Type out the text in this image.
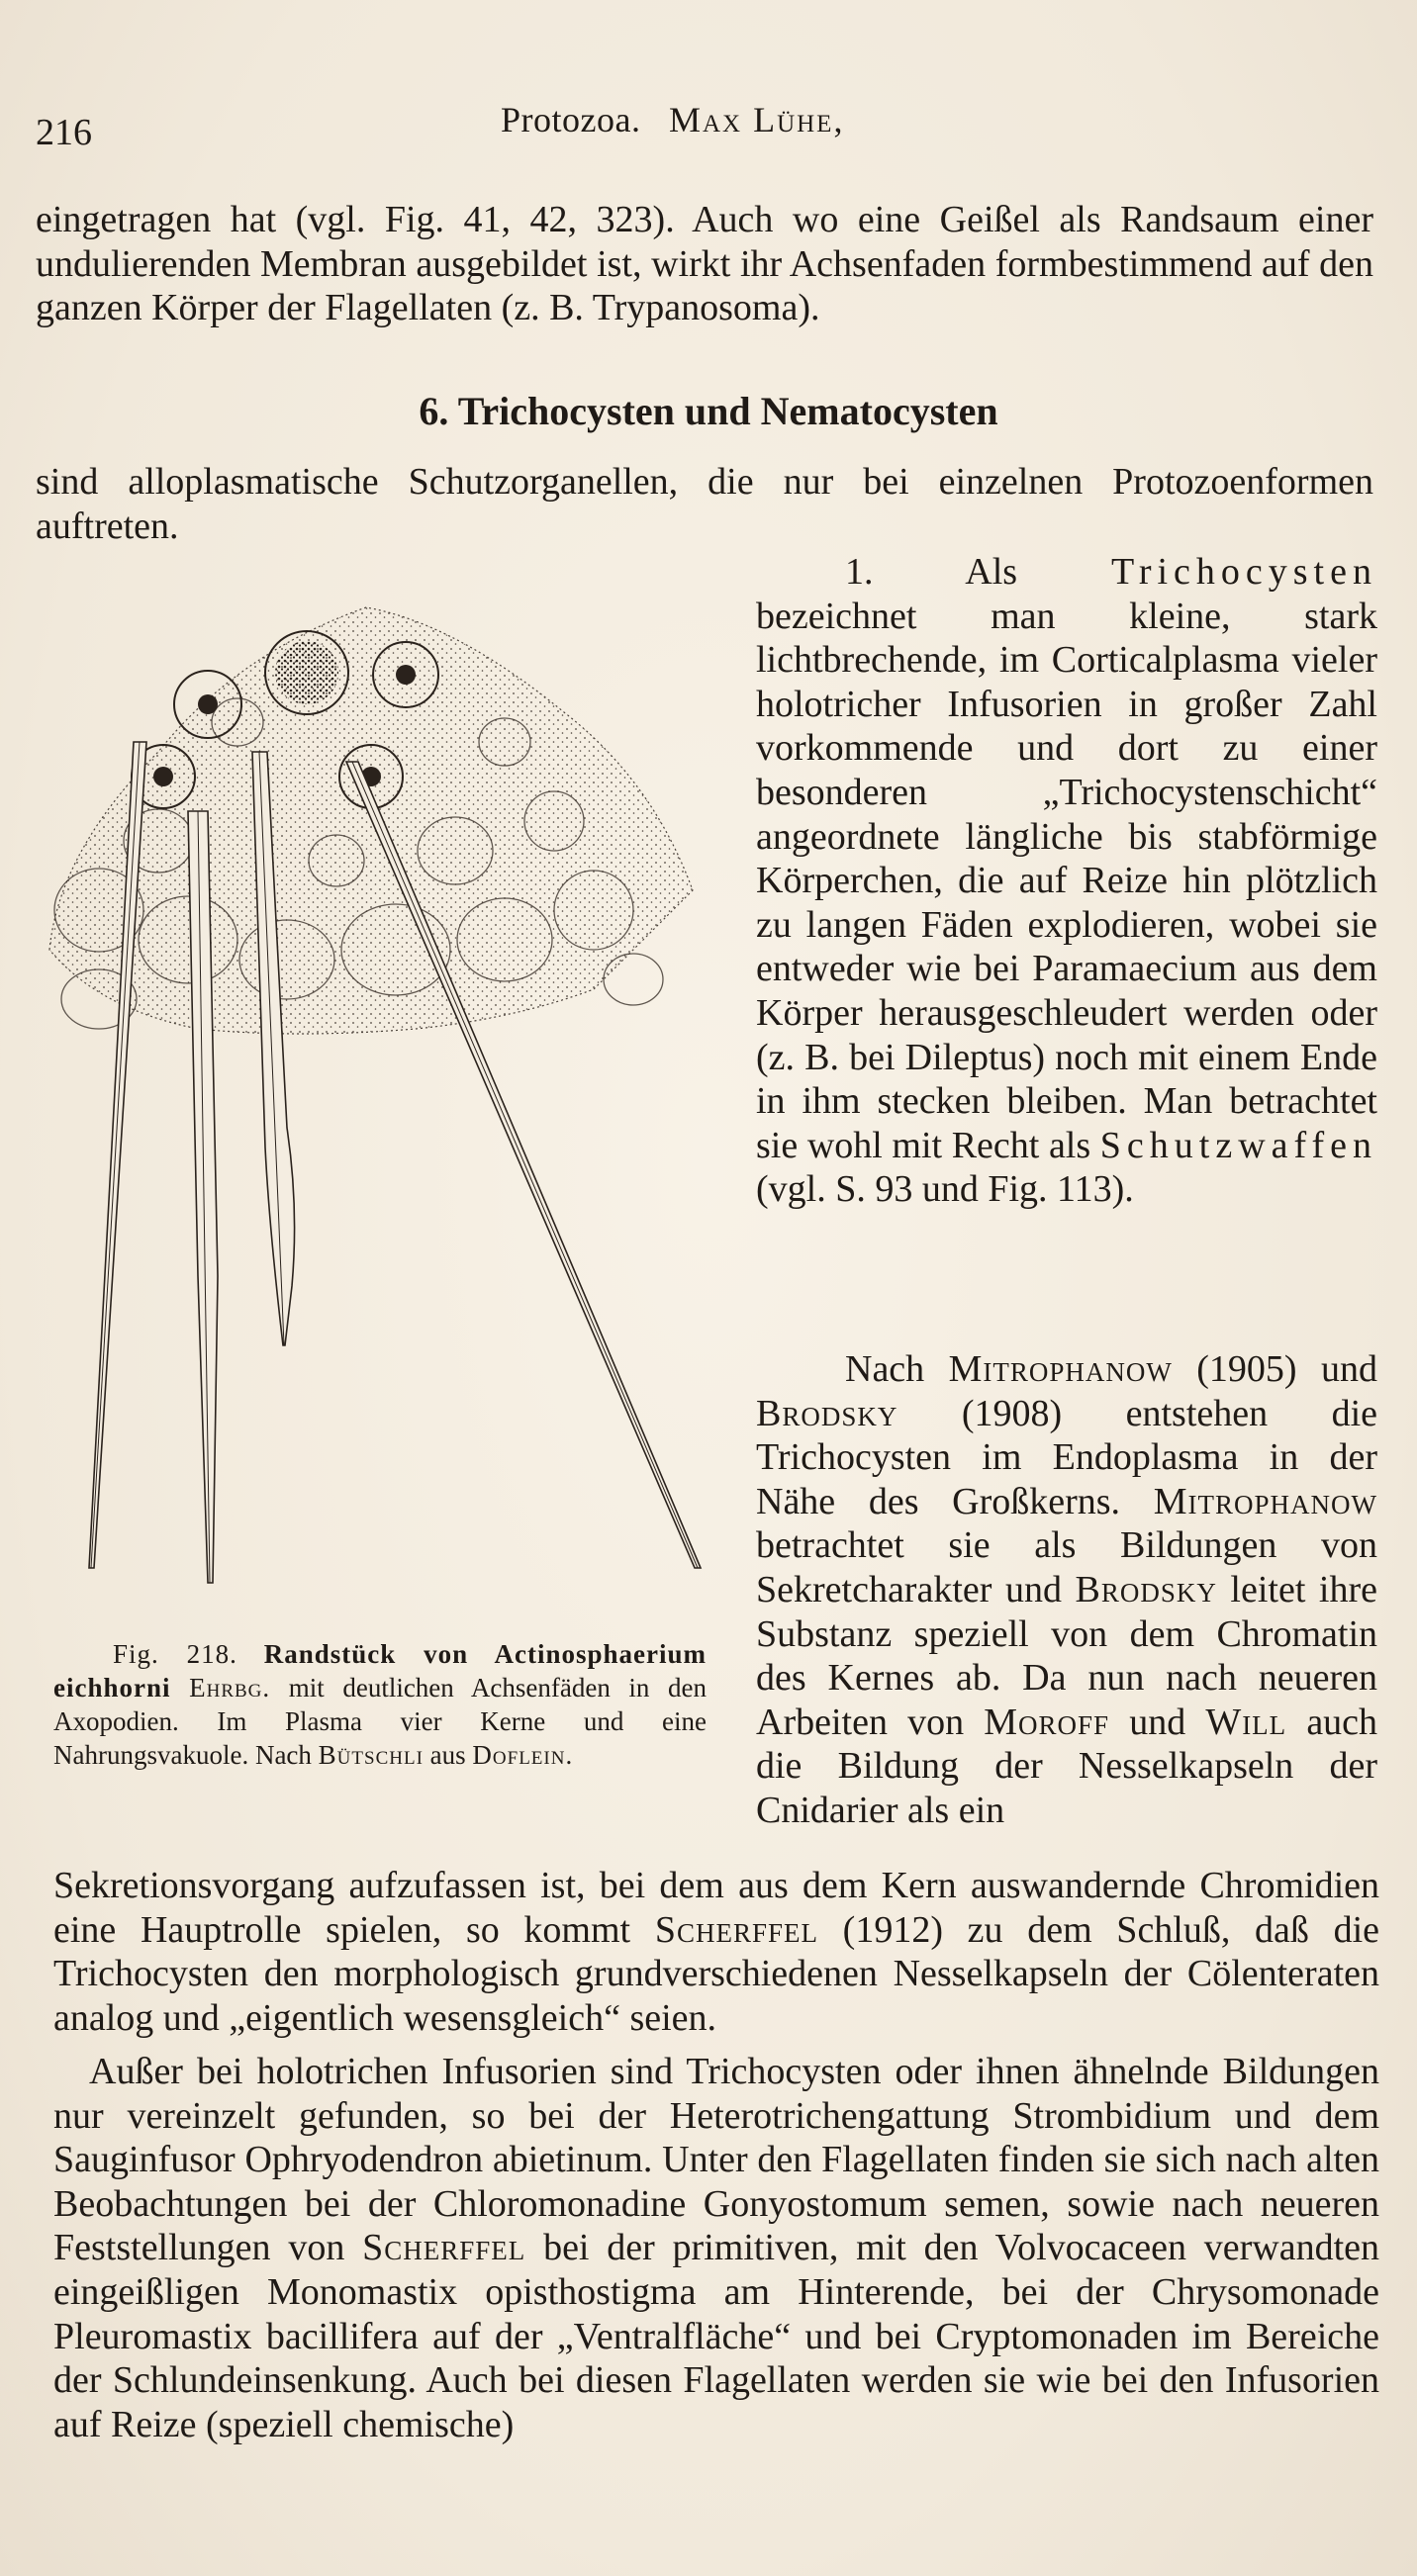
216	Protozoa. Max Lühe,

eingetragen hat (vgl. Fig. 41, 42, 323). Auch wo eine Geißel als Randsaum einer undulierenden Membran ausgebildet ist, wirkt ihr Achsenfaden formbestimmend auf den ganzen Körper der Flagellaten (z. B. Trypanosoma).

6. Trichocysten und Nematocysten

sind alloplasmatische Schutzorganellen, die nur bei einzelnen Protozoenformen auftreten.

1. Als Trichocysten bezeichnet man kleine, stark lichtbrechende, im Corticalplasma vieler holotricher Infusorien in großer Zahl vorkommende und dort zu einer besonderen „Trichocystenschicht“ angeordnete längliche bis stabförmige Körperchen, die auf Reize hin plötzlich zu langen Fäden explodieren, wobei sie entweder wie bei Paramaecium aus dem Körper herausgeschleudert werden oder (z. B. bei Dileptus) noch mit einem Ende in ihm stecken bleiben. Man betrachtet sie wohl mit Recht als Schutzwaffen (vgl. S. 93 und Fig. 113).

Nach Mitrophanow (1905) und Brodsky (1908) entstehen die Trichocysten im Endoplasma in der Nähe des Großkerns. Mitrophanow betrachtet sie als Bildungen von Sekretcharakter und Brodsky leitet ihre Substanz speziell von dem Chromatin des Kernes ab. Da nun nach neueren Arbeiten von Moroff und Will auch die Bildung der Nesselkapseln der Cnidarier als ein

Fig. 218. Randstück von Actinosphaerium eichhorni Ehrbg. mit deutlichen Achsenfäden in den Axopodien. Im Plasma vier Kerne und eine Nahrungsvakuole. Nach Bütschli aus Doflein.

Sekretionsvorgang aufzufassen ist, bei dem aus dem Kern auswandernde Chromidien eine Hauptrolle spielen, so kommt Scherffel (1912) zu dem Schluß, daß die Trichocysten den morphologisch grundverschiedenen Nesselkapseln der Cölenteraten analog und „eigentlich wesensgleich“ seien.

Außer bei holotrichen Infusorien sind Trichocysten oder ihnen ähnelnde Bildungen nur vereinzelt gefunden, so bei der Heterotrichengattung Strombidium und dem Sauginfusor Ophryodendron abietinum. Unter den Flagellaten finden sie sich nach alten Beobachtungen bei der Chloromonadine Gonyostomum semen, sowie nach neueren Feststellungen von Scherffel bei der primitiven, mit den Volvocaceen verwandten eingeißligen Monomastix opisthostigma am Hinterende, bei der Chrysomonade Pleuromastix bacillifera auf der „Ventralfläche“ und bei Cryptomonaden im Bereiche der Schlundeinsenkung. Auch bei diesen Flagellaten werden sie wie bei den Infusorien auf Reize (speziell chemische)
